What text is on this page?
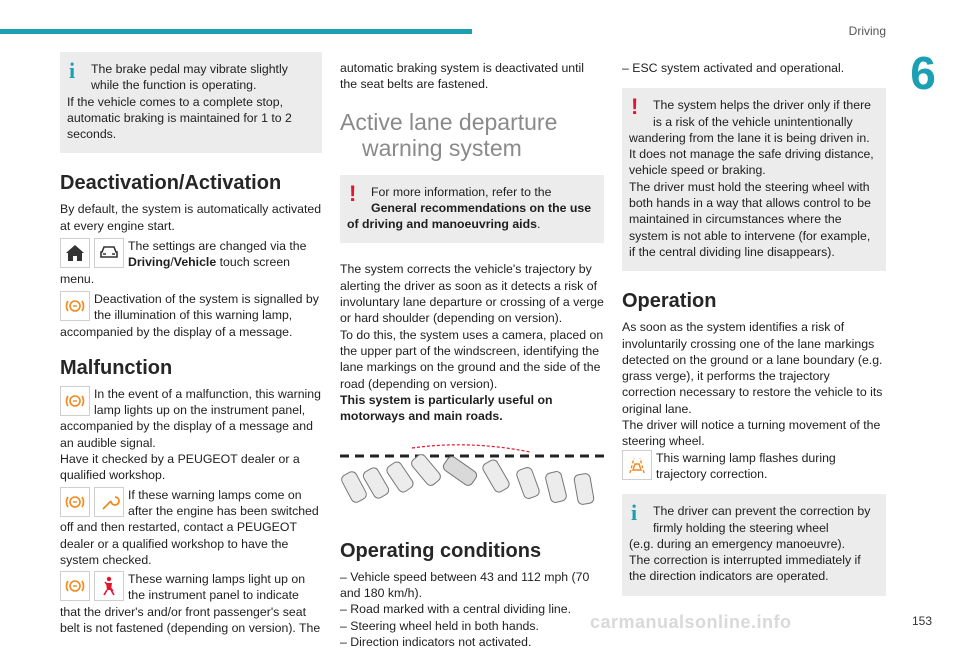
Driving
6
i	The brake pedal may vibrate slightly

while the function is operating.

If the vehicle comes to a complete stop, automatic braking is maintained for 1 to 2 seconds.

Deactivation/Activation

By default, the system is automatically activated at every engine start.

The settings are changed via the

Driving/Vehicle touch screen

menu.

Deactivation of the system is signalled by

the illumination of this warning lamp,

accompanied by the display of a message.

Malfunction

In the event of a malfunction, this warning

lamp lights up on the instrument panel,

accompanied by the display of a message and an audible signal.

Have it checked by a PEUGEOT dealer or a qualified workshop.

If these warning lamps come on

after the engine has been switched

off and then restarted, contact a PEUGEOT dealer or a qualified workshop to have the system checked.

These warning lamps light up on

the instrument panel to indicate

that the driver's and/or front passenger's seat belt is not fastened (depending on version). The

automatic braking system is deactivated until the seat belts are fastened.

Active lane departure
warning system
!	For more information, refer to the

General recommendations on the use

of driving and manoeuvring aids.

The system corrects the vehicle's trajectory by alerting the driver as soon as it detects a risk of involuntary lane departure or crossing of a verge or hard shoulder (depending on version).

To do this, the system uses a camera, placed on the upper part of the windscreen, identifying the lane markings on the ground and the side of the road (depending on version).

This system is particularly useful on motorways and main roads.

Operating conditions

– Vehicle speed between 43 and 112 mph (70 and 180 km/h).

– Road marked with a central dividing line.

– Steering wheel held in both hands.

– Direction indicators not activated.

– ESC system activated and operational.

!	The system helps the driver only if there

is a risk of the vehicle unintentionally

wandering from the lane it is being driven in. It does not manage the safe driving distance, vehicle speed or braking.

The driver must hold the steering wheel with both hands in a way that allows control to be maintained in circumstances where the system is not able to intervene (for example, if the central dividing line disappears).

Operation

As soon as the system identifies a risk of involuntarily crossing one of the lane markings detected on the ground or a lane boundary (e.g. grass verge), it performs the trajectory correction necessary to restore the vehicle to its original lane.

The driver will notice a turning movement of the steering wheel.

This warning lamp flashes during

trajectory correction.

i	The driver can prevent the correction by

firmly holding the steering wheel

(e.g. during an emergency manoeuvre).

The correction is interrupted immediately if the direction indicators are operated.

153
carmanualsonline.info
